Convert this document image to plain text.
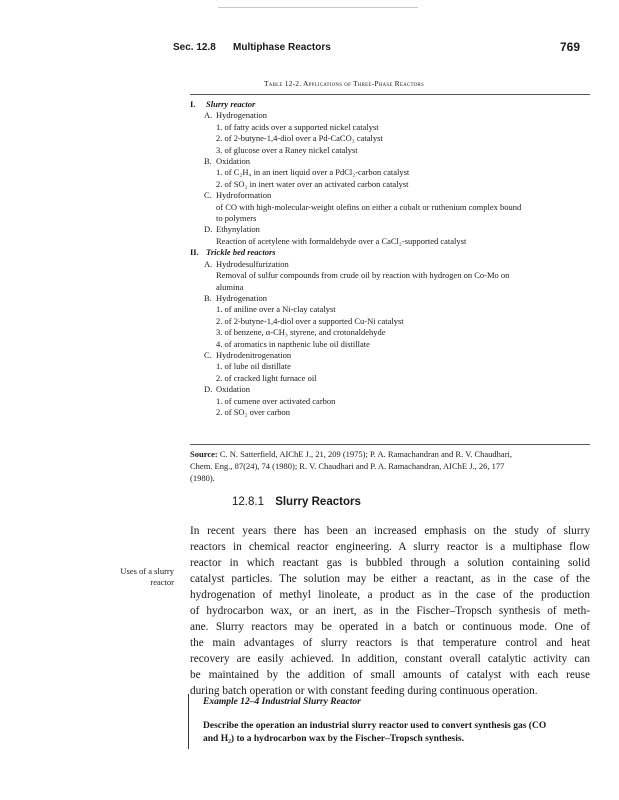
Sec. 12.8 Multiphase Reactors	769
Table 12-2. Applications of Three-Phase Reactors
I. Slurry reactor
A. Hydrogenation
1. of fatty acids over a supported nickel catalyst
2. of 2-butyne-1,4-diol over a Pd-CaCO₃ catalyst
3. of glucose over a Raney nickel catalyst
B. Oxidation
1. of C₂H₄ in an inert liquid over a PdCl₂-carbon catalyst
2. of SO₂ in inert water over an activated carbon catalyst
C. Hydroformation
of CO with high-molecular-weight olefins on either a cobalt or ruthenium complex bound
to polymers
D. Ethynylation
Reaction of acetylene with formaldehyde over a CaCl₂-supported catalyst
II. Trickle bed reactors
A. Hydrodesulfurization
Removal of sulfur compounds from crude oil by reaction with hydrogen on Co-Mo on
alumina
B. Hydrogenation
1. of aniline over a Ni-clay catalyst
2. of 2-butyne-1,4-diol over a supported Cu-Ni catalyst
3. of benzene, α-CH₃ styrene, and crotonaldehyde
4. of aromatics in napthenic lube oil distillate
C. Hydrodenitrogenation
1. of lube oil distillate
2. of cracked light furnace oil
D. Oxidation
1. of cumene over activated carbon
2. of SO₂ over carbon
Source: C. N. Satterfield, AIChE J., 21, 209 (1975); P. A. Ramachandran and R. V. Chaudhari,
Chem. Eng., 87(24), 74 (1980); R. V. Chaudhari and P. A. Ramachandran, AIChE J., 26, 177
(1980).
12.8.1 Slurry Reactors
Uses of a slurry
reactor
In recent years there has been an increased emphasis on the study of slurry
reactors in chemical reactor engineering. A slurry reactor is a multiphase flow
reactor in which reactant gas is bubbled through a solution containing solid
catalyst particles. The solution may be either a reactant, as in the case of the
hydrogenation of methyl linoleate, a product as in the case of the production
of hydrocarbon wax, or an inert, as in the Fischer–Tropsch synthesis of meth-
ane. Slurry reactors may be operated in a batch or continuous mode. One of
the main advantages of slurry reactors is that temperature control and heat
recovery are easily achieved. In addition, constant overall catalytic activity can
be maintained by the addition of small amounts of catalyst with each reuse
during batch operation or with constant feeding during continuous operation.
Example 12–4 Industrial Slurry Reactor
Describe the operation an industrial slurry reactor used to convert synthesis gas (CO
and H₂) to a hydrocarbon wax by the Fischer–Tropsch synthesis.
